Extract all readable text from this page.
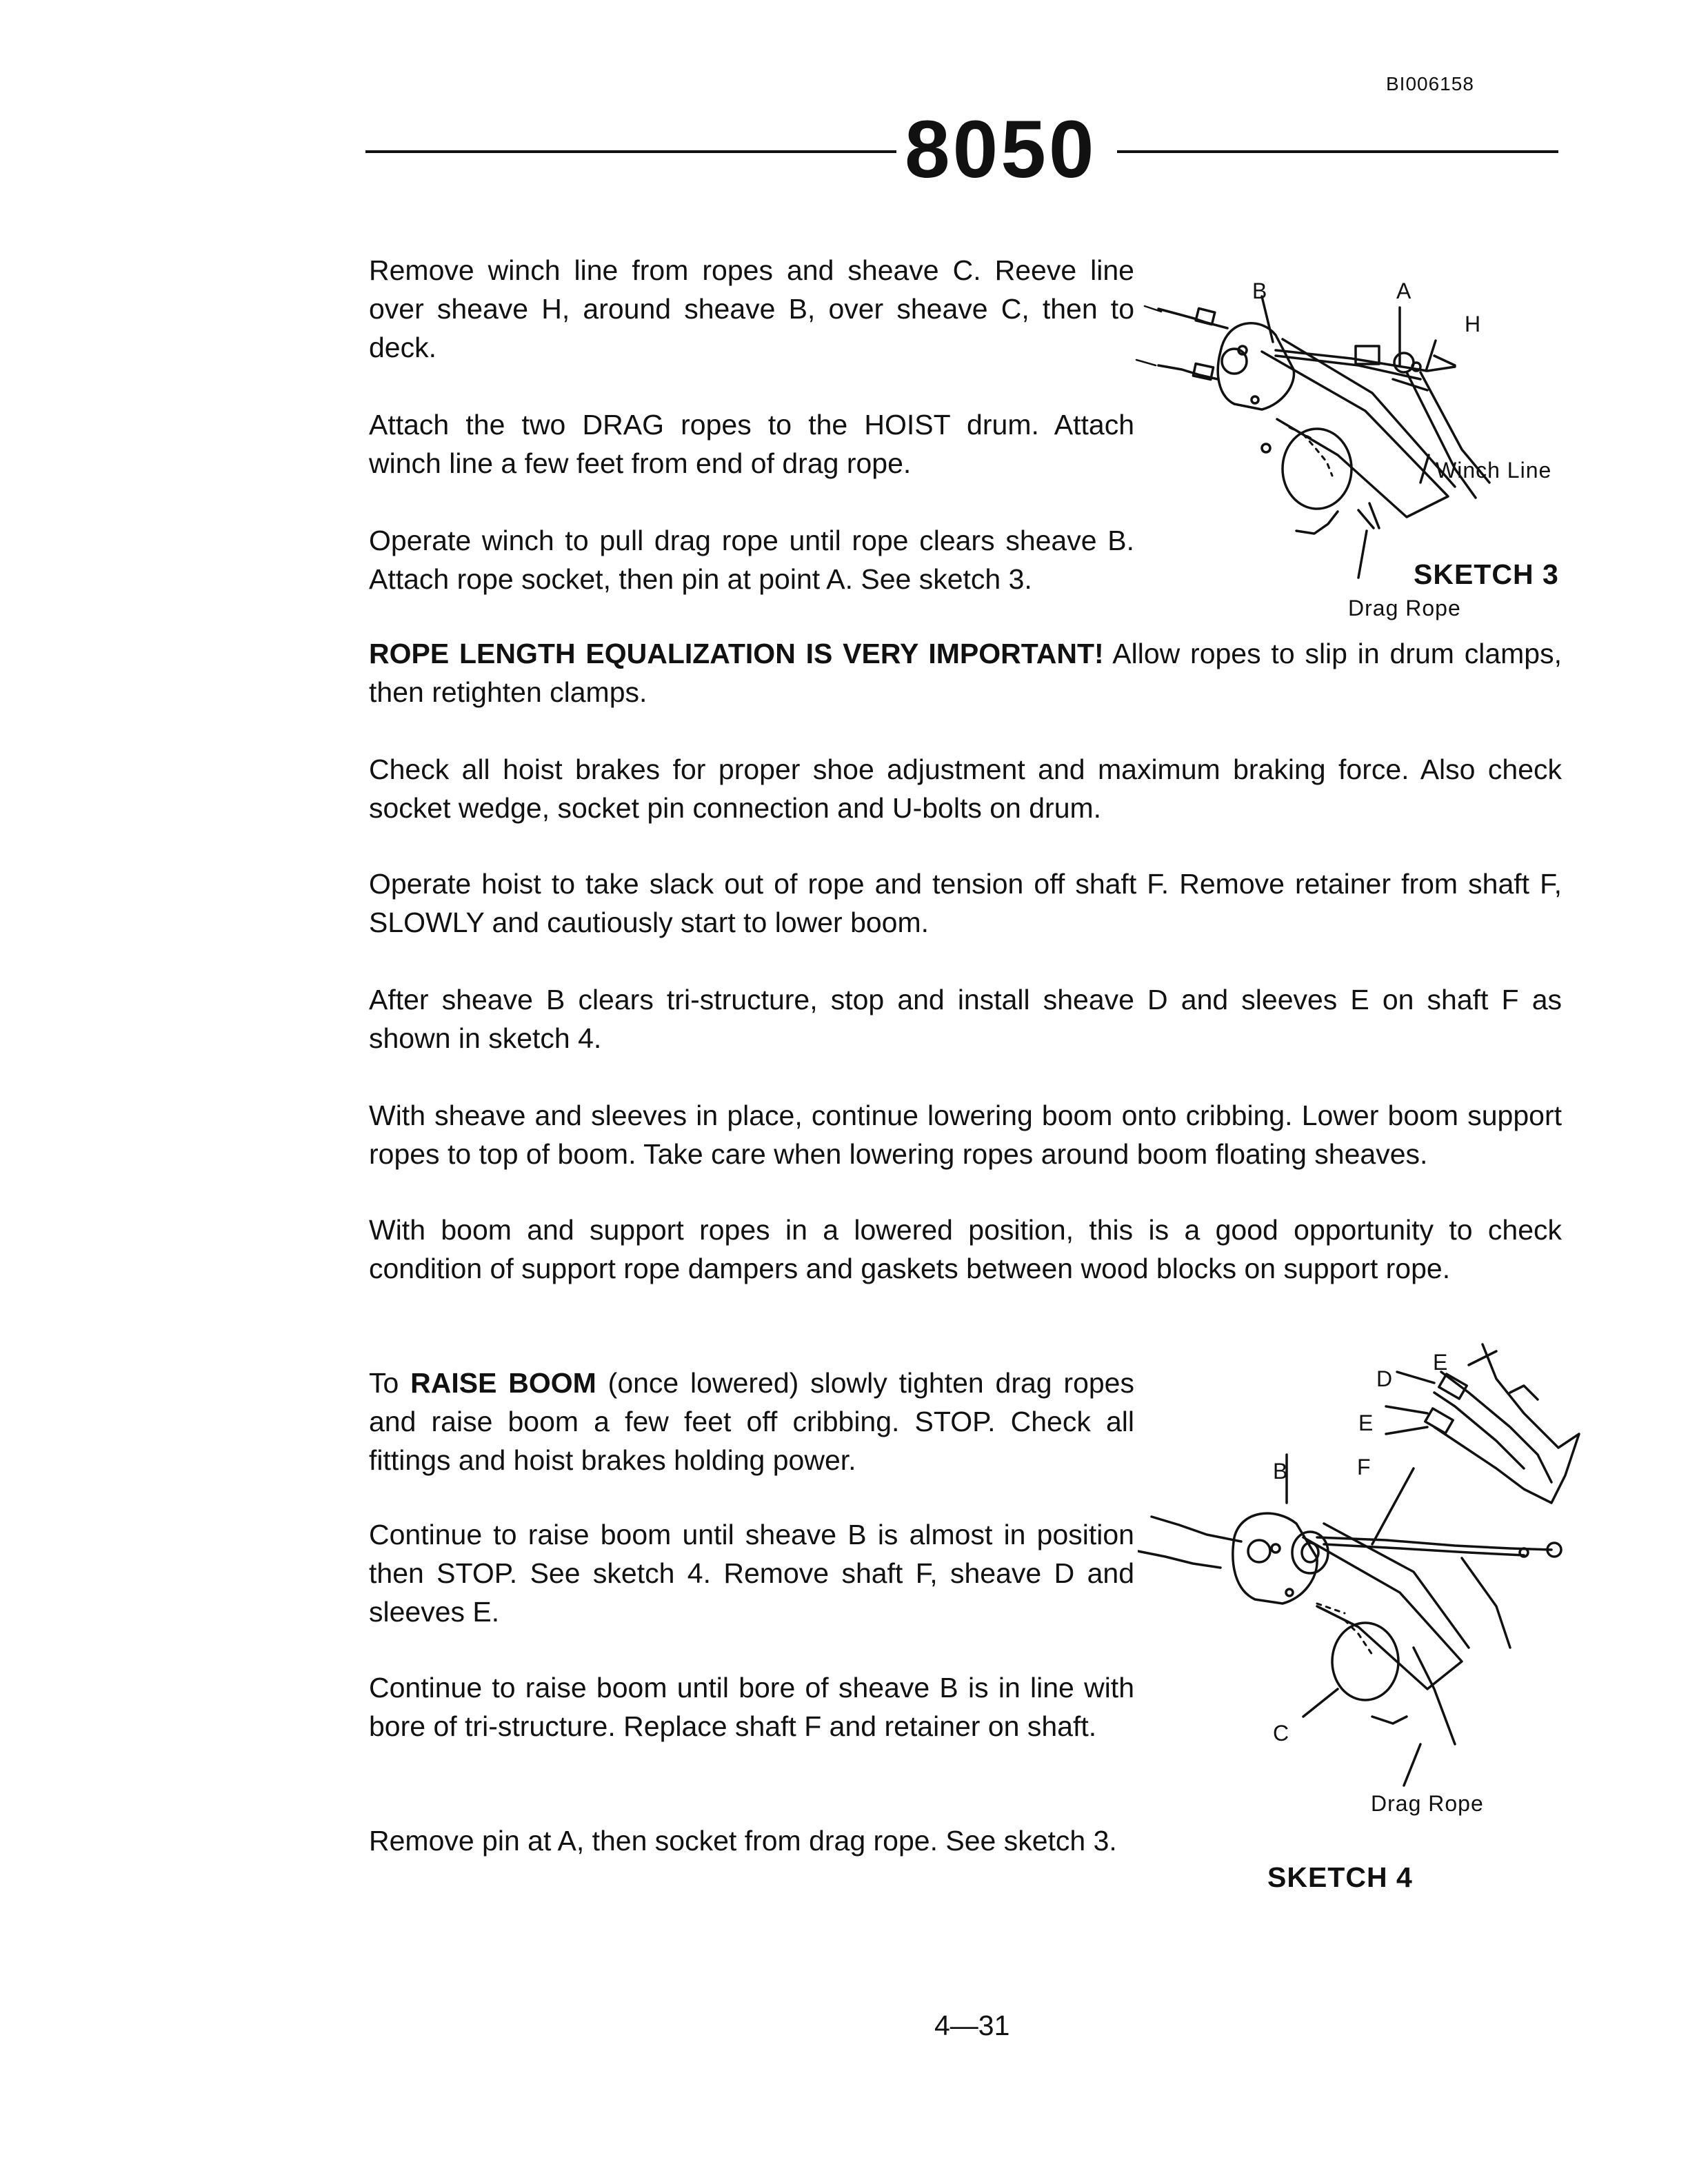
BI006158
8050
Remove winch line from ropes and sheave C. Reeve line over sheave H, around sheave B, over sheave C, then to deck.
Attach the two DRAG ropes to the HOIST drum. Attach winch line a few feet from end of drag rope.
Operate winch to pull drag rope until rope clears sheave B. Attach rope socket, then pin at point A. See sketch 3.
B	A
H
Winch Line
SKETCH 3
Drag Rope
ROPE LENGTH EQUALIZATION IS VERY IMPORTANT! Allow ropes to slip in drum clamps, then retighten clamps.
Check all hoist brakes for proper shoe adjustment and maximum braking force. Also check socket wedge, socket pin connection and U-bolts on drum.
Operate hoist to take slack out of rope and tension off shaft F. Remove retainer from shaft F, SLOWLY and cautiously start to lower boom.
After sheave B clears tri-structure, stop and install sheave D and sleeves E on shaft F as shown in sketch 4.
With sheave and sleeves in place, continue lowering boom onto cribbing. Lower boom support ropes to top of boom. Take care when lowering ropes around boom floating sheaves.
With boom and support ropes in a lowered position, this is a good opportunity to check condition of support rope dampers and gaskets between wood blocks on support rope.
To RAISE BOOM (once lowered) slowly tighten drag ropes and raise boom a few feet off cribbing. STOP. Check all fittings and hoist brakes holding power.
Continue to raise boom until sheave B is almost in position then STOP. See sketch 4. Remove shaft F, sheave D and sleeves E.
Continue to raise boom until bore of sheave B is in line with bore of tri-structure. Replace shaft F and retainer on shaft.
Remove pin at A, then socket from drag rope. See sketch 3.
E
D
E
B	F
C
Drag Rope
SKETCH 4
4—31
